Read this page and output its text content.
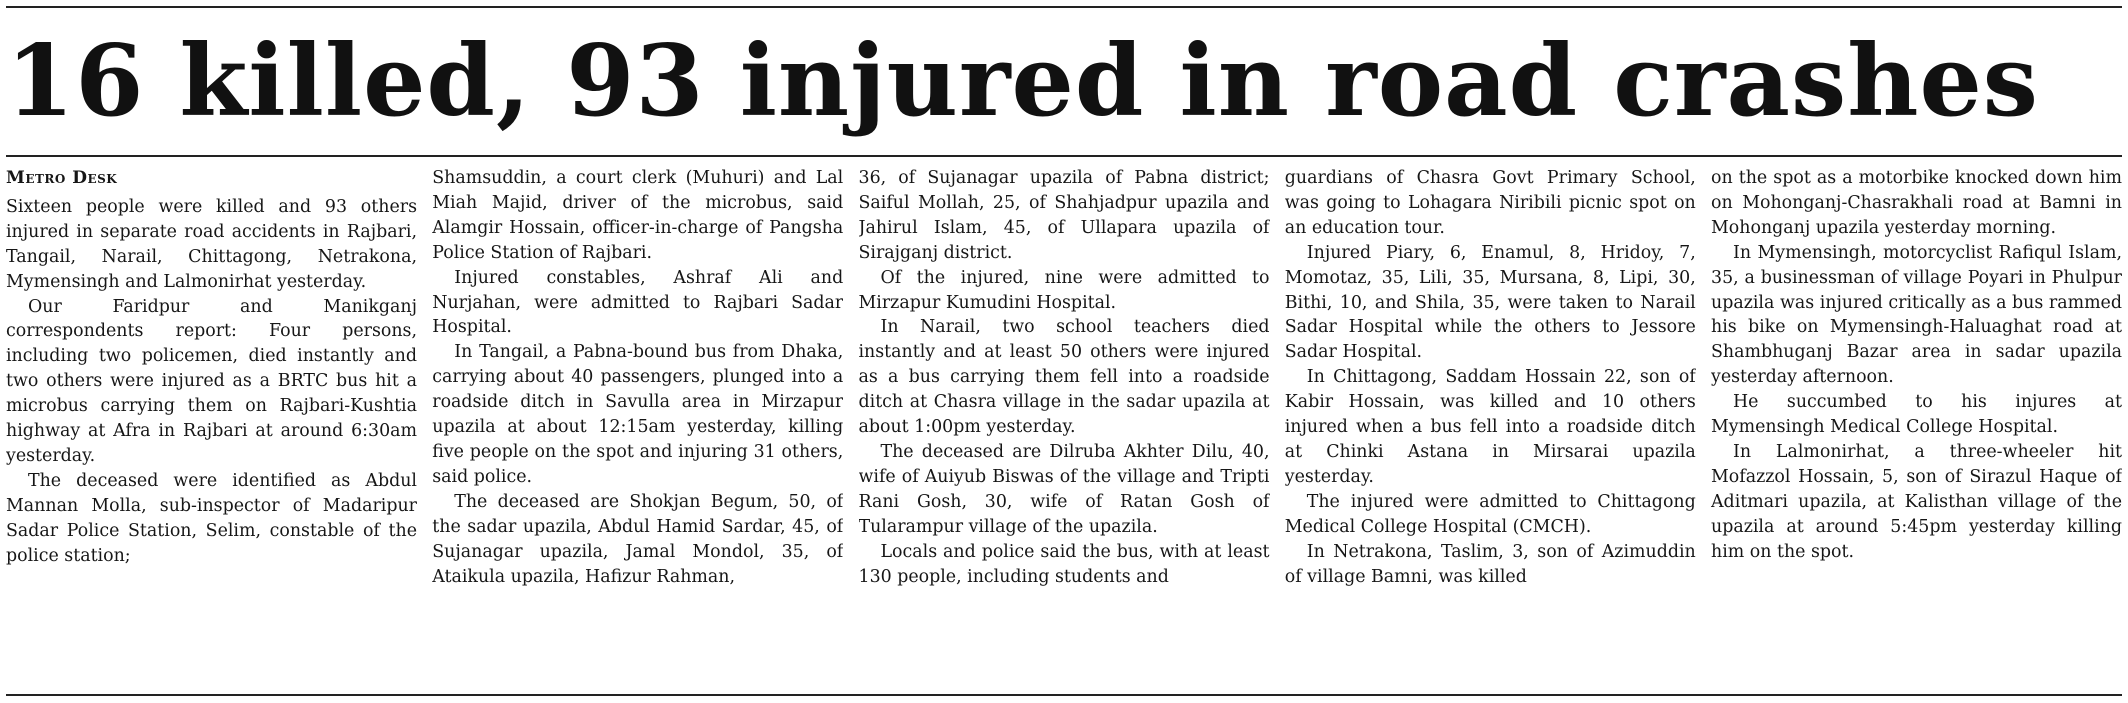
16 killed, 93 injured in road crashes
Metro Desk

Sixteen people were killed and 93 others injured in separate road accidents in Rajbari, Tangail, Narail, Chittagong, Netrakona, Mymensingh and Lalmonirhat yesterday.

Our Faridpur and Manikganj correspondents report: Four persons, including two policemen, died instantly and two others were injured as a BRTC bus hit a microbus carrying them on Rajbari-Kushtia highway at Afra in Rajbari at around 6:30am yesterday.

The deceased were identified as Abdul Mannan Molla, sub-inspector of Madaripur Sadar Police Station, Selim, constable of the police station;

Shamsuddin, a court clerk (Muhuri) and Lal Miah Majid, driver of the microbus, said Alamgir Hossain, officer-in-charge of Pangsha Police Station of Rajbari.

Injured constables, Ashraf Ali and Nurjahan, were admitted to Rajbari Sadar Hospital.

In Tangail, a Pabna-bound bus from Dhaka, carrying about 40 passengers, plunged into a roadside ditch in Savulla area in Mirzapur upazila at about 12:15am yesterday, killing five people on the spot and injuring 31 others, said police.

The deceased are Shokjan Begum, 50, of the sadar upazila, Abdul Hamid Sardar, 45, of Sujanagar upazila, Jamal Mondol, 35, of Ataikula upazila, Hafizur Rahman,

36, of Sujanagar upazila of Pabna district; Saiful Mollah, 25, of Shahjadpur upazila and Jahirul Islam, 45, of Ullapara upazila of Sirajganj district.

Of the injured, nine were admitted to Mirzapur Kumudini Hospital.

In Narail, two school teachers died instantly and at least 50 others were injured as a bus carrying them fell into a roadside ditch at Chasra village in the sadar upazila at about 1:00pm yesterday.

The deceased are Dilruba Akhter Dilu, 40, wife of Auiyub Biswas of the village and Tripti Rani Gosh, 30, wife of Ratan Gosh of Tularampur village of the upazila.

Locals and police said the bus, with at least 130 people, including students and

guardians of Chasra Govt Primary School, was going to Lohagara Niribili picnic spot on an education tour.

Injured Piary, 6, Enamul, 8, Hridoy, 7, Momotaz, 35, Lili, 35, Mursana, 8, Lipi, 30, Bithi, 10, and Shila, 35, were taken to Narail Sadar Hospital while the others to Jessore Sadar Hospital.

In Chittagong, Saddam Hossain 22, son of Kabir Hossain, was killed and 10 others injured when a bus fell into a roadside ditch at Chinki Astana in Mirsarai upazila yesterday.

The injured were admitted to Chittagong Medical College Hospital (CMCH).

In Netrakona, Taslim, 3, son of Azimuddin of village Bamni, was killed

on the spot as a motorbike knocked down him on Mohonganj-Chasrakhali road at Bamni in Mohonganj upazila yesterday morning.

In Mymensingh, motorcyclist Rafiqul Islam, 35, a businessman of village Poyari in Phulpur upazila was injured critically as a bus rammed his bike on Mymensingh-Haluaghat road at Shambhuganj Bazar area in sadar upazila yesterday afternoon.

He succumbed to his injures at Mymensingh Medical College Hospital.

In Lalmonirhat, a three-wheeler hit Mofazzol Hossain, 5, son of Sirazul Haque of Aditmari upazila, at Kalisthan village of the upazila at around 5:45pm yesterday killing him on the spot.
